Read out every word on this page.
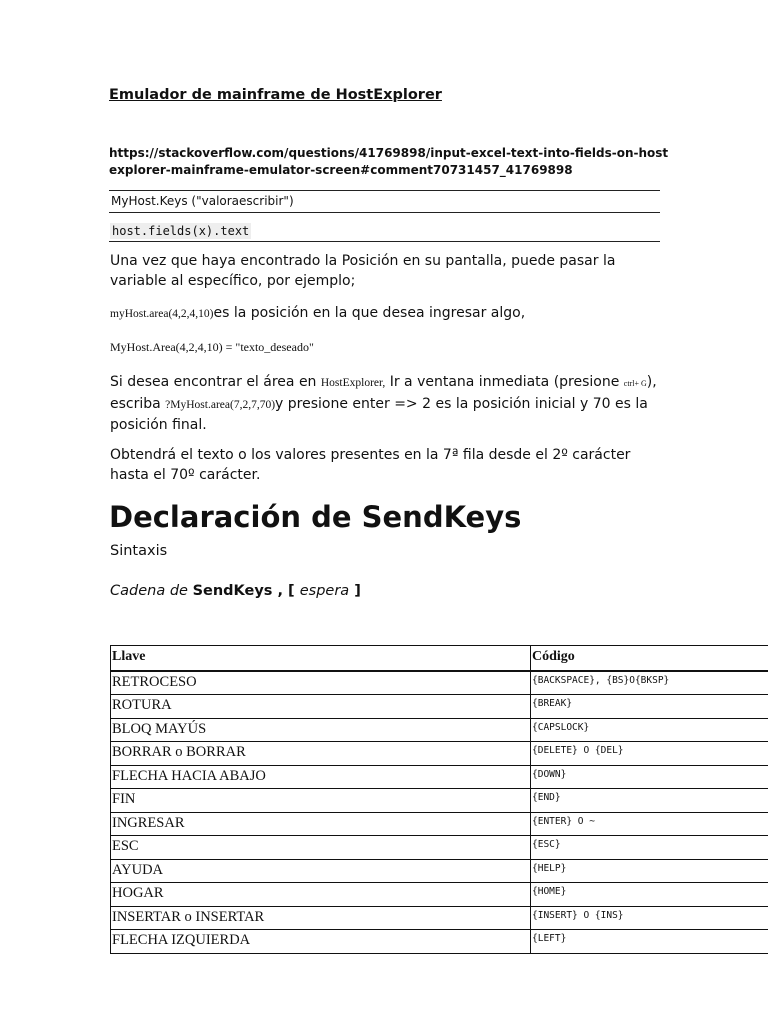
Emulador de mainframe de HostExplorer
https://stackoverflow.com/questions/41769898/input-excel-text-into-fields-on-hostexplorer-mainframe-emulator-screen#comment70731457_41769898
MyHost.Keys ("valoraescribir")
host.fields(x).text
Una vez que haya encontrado la Posición en su pantalla, puede pasar la variable al específico, por ejemplo;
myHost.area(4,2,4,10)es la posición en la que desea ingresar algo,
MyHost.Area(4,2,4,10) = "texto_deseado"
Si desea encontrar el área en HostExplorer, Ir a ventana inmediata (presione ctrl+ G), escriba ?MyHost.area(7,2,7,70)y presione enter => 2 es la posición inicial y 70 es la posición final.
Obtendrá el texto o los valores presentes en la 7ª fila desde el 2º carácter hasta el 70º carácter.
Declaración de SendKeys
Sintaxis
Cadena de SendKeys , [ espera ]
Llave	Código
RETROCESO	{BACKSPACE}, {BS}O{BKSP}
ROTURA	{BREAK}
BLOQ MAYÚS	{CAPSLOCK}
BORRAR o BORRAR	{DELETE} O {DEL}
FLECHA HACIA ABAJO	{DOWN}
FIN	{END}
INGRESAR	{ENTER} O ~
ESC	{ESC}
AYUDA	{HELP}
HOGAR	{HOME}
INSERTAR o INSERTAR	{INSERT} O {INS}
FLECHA IZQUIERDA	{LEFT}
